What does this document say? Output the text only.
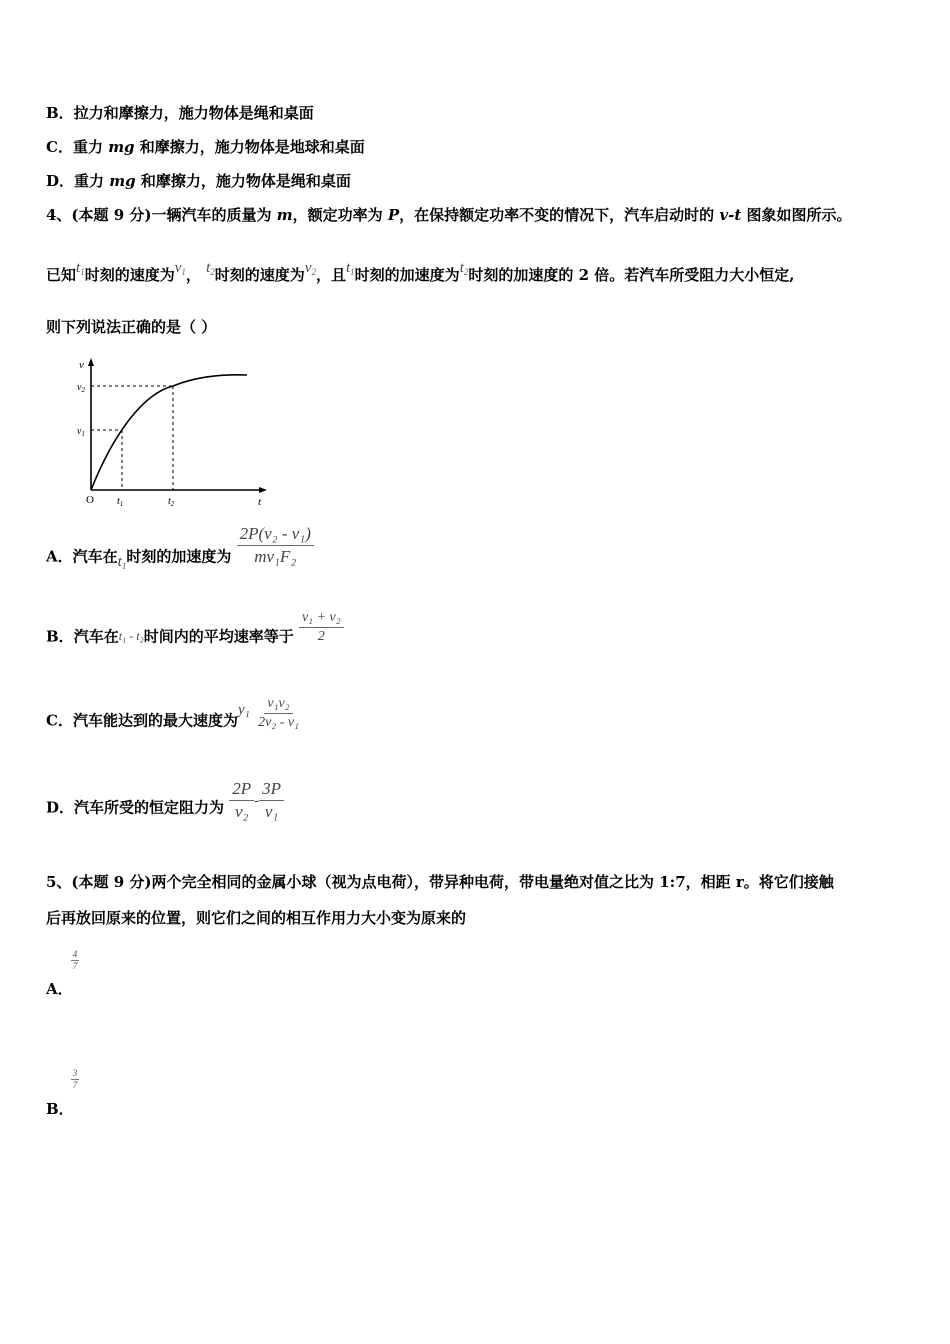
B．拉力和摩擦力，施力物体是绳和桌面
C．重力 mg 和摩擦力，施力物体是地球和桌面
D．重力 mg 和摩擦力，施力物体是绳和桌面
4、(本题 9 分)一辆汽车的质量为 m，额定功率为 P，在保持额定功率不变的情况下，汽车启动时的 v-t 图象如图所示。
已知$t_1$时刻的速度为$v_1$， $t_2$时刻的速度为$v_2$，且$t_1$时刻的加速度为$t_2$时刻的加速度的 2 倍。若汽车所受阻力大小恒定,
则下列说法正确的是（ ）
v
t
O
$v_2$
$v_1$
$t_1$	$t_2$
A．汽车在$t_1$时刻的加速度为 $\frac{\text{2P(v₂ - v₁)}}{\text{mv₁F₂}}$
B．汽车在t₁ - t₂时间内的平均速率等于 $\frac{\text{v₁ + v₂}}{2}$
C．汽车能达到的最大速度为$y_1 \frac{\text{v₁v₂}}{\text{2v₂ - v₁}}$
D．汽车所受的恒定阻力为 $\frac{2P}{\text{v₂}} - \frac{3P}{\text{v₁}}$
5、(本题 9 分)两个完全相同的金属小球（视为点电荷），带异种电荷，带电量绝对值之比为 1:7，相距 r。将它们接触
后再放回原来的位置，则它们之间的相互作用力大小变为原来的
4
7
A．
3
7
B．
